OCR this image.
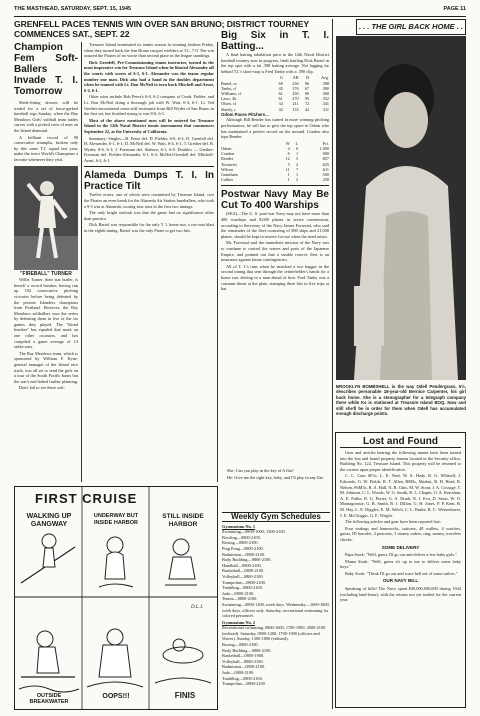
THE MASTHEAD, SATURDAY, SEPT. 15, 1945	PAGE 11
GRENFELL PACES TENNIS WIN OVER SAN BRUNO; DISTRICT TOURNEY COMMENCES SAT., SEPT. 22
Champion Fem Soft-Ballers Invade T. I. Tomorrow

Sleek-fitting dresses will be traded for a set of loose-garbed baseball togs Sunday, when the Bay Meadows Girls' softball team trades curves with a picked crew of men on the Island diamond.

A brilliant record of 98 consecutive triumphs, broken only by this same T.I. squad last year, make the twice World's Champions a favorite whenever they visit.

"FIREBALL" TURNER

Willie Turner, their star hurler, is herself a record breaker, having run up 102 consecutive pitching victories before being defeated by the present Islanders champions from Portland. However, the Bay Meadows softballers won the series by defeating them in five of the six games they played. The "blond bomber" has equaled that mark on one other occasion, and has compiled a game average of 14 strike-outs.

The Bay Meadows team, which is sponsored by William F. Kyne, general manager of the Island race track, was all set to send the girls on a tour of the South Pacific bases but the war's end halted further planning.

Don't fail to see these soft-

Treasure Island terminated its tennis season in winning fashion Friday, when they turned back the San Bruno racquet wielders at T.I., 7-0. The win assured the Pirates of no worse than second place in the league standings.

Dick Grenfell, Pre-Commissioning tennis instructor, turned in the most impressive win for Treasure Island when he blasted Alexander off the courts with scores of 6-1, 6-1. Alexander was the teams regular number one man. Dick also had a hand in the doubles department when he teamed with Lt. Don McNeil to turn back Mitchell and Arnst, 6-2, 6-1.

Other wins include Bob Perez's 6-0, 6-2 conquest of Cmdr. Fielder, and Lt. Don McNeil doing a thorough job with W. Watt, 6-4, 6-1. Lt. Ted Grether encountered some stiff resistance from Bill Wyder of San Bruno in the first set, but finished strong to win 8-6, 6-1.

Most of the above mentioned men will be entered for Treasure Island in the 12th Naval District tennis tournament that commences September 22, at the University of California.

Summary: Singles—B. Perez def. D. Fielder, 6-0, 6-2; D. Grenfell def. H. Alexander, 6-1, 6-1; D. McNeil def. W. Watt, 6-4, 6-1; T. Grether def. B. Wyder, 8-6, 6-1; J. Foreman def. Stabern, 6-1, 6-0. Doubles — Grether-Foreman def. Fielder-Alexander, 6-1, 6-2; McNeil-Grenfell def. Mitchell-Arnst, 6-2, 6-1.

Alameda Dumps T. I. In Practice Tilt

Twelve errors, one of which were committed by Treasure Island, cost the Pirates an even break for the Alameda Air Station baseballers, who took a 9-3 win at Alameda, scoring four runs in the first two innings.

The only bright outlook was that the game had no significance other than practice.

Dick Bartol was responsible for the only T. I. home run, a two-run blast in the eighth inning. Bartol was the only Pirate to get two hits.

Big Six in T. I. Batting...

A final batting tabulation prior to the 12th Naval District baseball tourney now in progress, finds battling Dick Bartol in the top spot with a fat .398 batting average. Not lagging far behind T.I.'s short-stop is Fred Tanby with a .390 clip.

	G	AB	H	Avg.
Bartol, ss	60	236	86	.398
Tanby, cf	45	176	67	.390
Williams, cf	61	250	90	.360
Laws, 2b	61	270	95	.352
Olsen, cf	34	211	72	.341
Sheely, c	42	133	42	.311
Odom Paces Pitchers...

Although Bill Bender has turned in more winning pitching performances, he still has to give the top space to Odom who has maintained a perfect record on the mound. Condon also tops Bender.

	W	L	Pct.
Odom	4	0	1.000
Condon	6	1	.900
Bender	12	5	.857
Tornavirs	5	2	.625
Wilson	11	7	.611
Grantham	1	1	.500
Collins	1	2	.250
Postwar Navy May Be Cut To 400 Warships

(SEA)—The U. S. post-war Navy may not have more than 400 warships and 8,000 planes in active commission, according to Secretary of the Navy James Forrestal, who said the remainder of the fleet consisting of 800 ships and 21,000 planes, should be kept in reserve for use when the need arises.

Mr. Forrestal said the immediate mission of the Navy was to continue to control the waters and ports of the Japanese Empire, and pointed out that a sizable reserve fleet is an insurance against future contingencies.

All of T. I.'s runs when he smacked a two bagger in the second inning that sent through the centerfielder's hands for a home run, driving in a man ahead of him. Fred Tanby was a constant threat at the plate, stamping three hits in five trips at bat.

. . . THE GIRL BACK HOME . .
BROOKLYN BOMBSHELL is the way Odell Pendergrass, 5½, describes personable 18-year-old Bernice Carpenter, his girl back home. She is a stenographer for a telegraph company there while Ks is stationed at Treasure Island BOQ. Now and still she'll be in order for them when Odell has accumulated enough discharge points.
Lost and Found

Gear and articles bearing the following names have been turned into the lost and found property bureau located in the Security office, Building No. 122, Treasure Island. This property will be returned to the owners upon proper identification.

C. C. Case SF3c; L. E. Neal, W. A. Hady, R. G. Whitsell, J. Edwards, G. W. Fields, R. T. Allen, RM3c, Marlatt, R. H. Hurd, R. Nelsen, PhM3c, R. A. Hall, N. B. Gitts, M. W. Stout, J. A. Cossage, T. M. Johnson, C. L. Woods, W. G. Smith, R. L. Chapin, O. A. Kerrahan, A. E. Fuller, R. G. Porter, G. A. Dradt, N. J. Eva, D. Sears, W. O. Montagomsie, G. R. Smith, R. J. Dillon, G. H. Jones, P. P. Kent, R. M. Hay, L. E. Diggles, E. M. Welch, C. L. Burke, R. C. Westenhaver, J. E. McCloggis, G. E. Wright.

The following articles and gear have been reported lost:

Four seabags and hammocks, suitcase, 48 wallets, 4 watches, guitar, ID bracelet, 2 peacoats, 3 money orders, ring, money, travelers checks.

SOME DELIVERY

Papa Stork: "Well, guess I'll go out and deliver a few baby girls."

Mama Stork: "Well, guess it's up to me to deliver some baby boys."

Baby Stork: "Think I'll go out and scare hell out of some sailors."

OUR NAVY BILL

Speaking of bills! The Navy spent $30,000,000,000 during 1944 (including land-lease), with the returns not yet totaled for the current year.

She: Can you play in the key of A flat?

He: Give me the right key, baby, and I'll play in any flat.

Weekly Gym Schedules
Gymnasium No. 1
Swimming—0800-1000; 1300-2100.
Bowling—0800-2100.
Boxing—0800-2100.
Ping Pong—0800-2100.
Badminton—0800-2100.
Body Building—0800-2100.
Handball—0800-2100.
Basketball—0800-2100.
Volleyball—0800-2100.
Trampoline—0800-2100.
Tumbling—0800-2100.
Judo—0800-2100.
Tennis—0800-2100.
Swimming—0800-1200, week days. Wednesday—1600-1800, week days, officers only. Saturday, recreational swimming for colored personnel.
Gymnasium No. 2
Recreational swimming, 0800-1600, 1700-1900, 2000-2100 (enlisted). Saturday, 0800-1200, 1700-1900 (officers and Waves). Sunday, 1300-1800 (enlisted).
Boxing—0800-2100.
Body Building—0800-2100.
Basketball—0800-1900.
Volleyball—0800-2100.
Badminton—0800-2100.
Judo—0800-2100.
Tumbling—0800-2100.
Trampoline—0800-2100.
FIRST CRUISE
WALKING UP GANGWAY
UNDERWAY BUT INSIDE HARBOR
STILL INSIDE HARBOR
OUTSIDE BREAKWATER
OOPS!!!	FINIS
D.L.J.
